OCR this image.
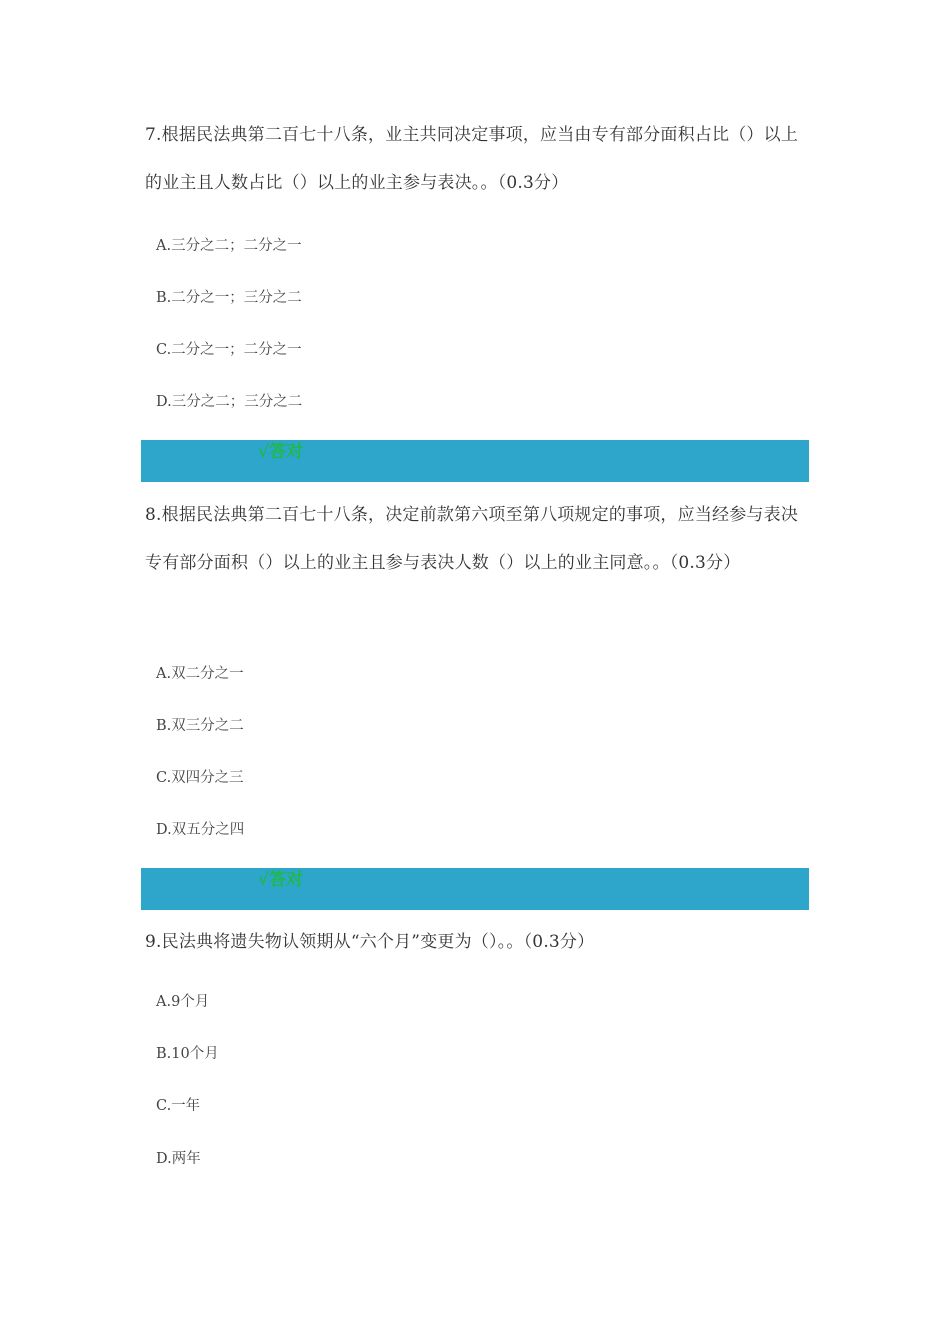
7.根据民法典第二百七十八条，业主共同决定事项，应当由专有部分面积占比（）以上的业主且人数占比（）以上的业主参与表决。。（0.3分）
A.三分之二；二分之一
B.二分之一；三分之二
C.二分之一；二分之一
D.三分之二；三分之二
√答对
8.根据民法典第二百七十八条，决定前款第六项至第八项规定的事项，应当经参与表决专有部分面积（）以上的业主且参与表决人数（）以上的业主同意。。（0.3分）
A.双二分之一
B.双三分之二
C.双四分之三
D.双五分之四
√答对
9.民法典将遗失物认领期从“六个月”变更为（）。。（0.3分）
A.9个月
B.10个月
C.一年
D.两年
